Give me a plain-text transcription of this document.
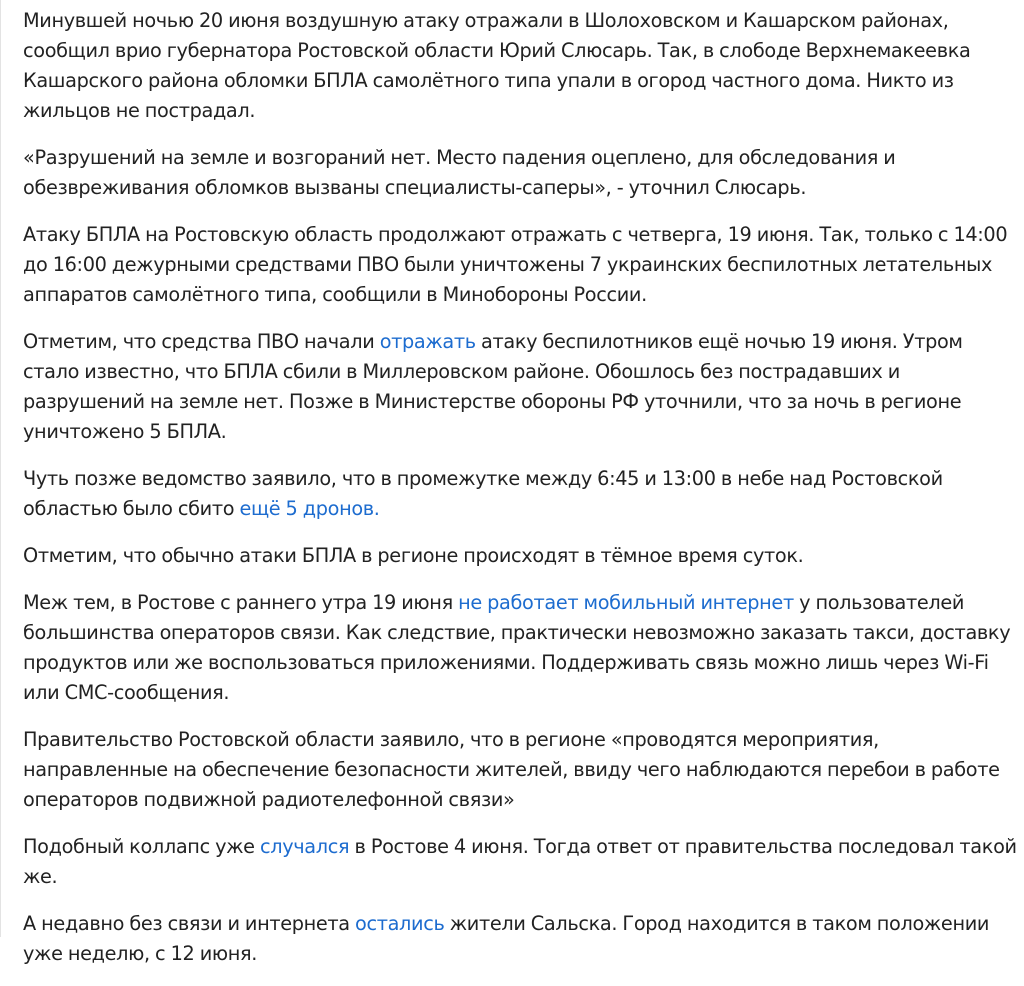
Минувшей ночью 20 июня воздушную атаку отражали в Шолоховском и Кашарском районах, сообщил врио губернатора Ростовской области Юрий Слюсарь. Так, в слободе Верхнемакеевка Кашарского района обломки БПЛА самолётного типа упали в огород частного дома. Никто из жильцов не пострадал.

«Разрушений на земле и возгораний нет. Место падения оцеплено, для обследования и обезвреживания обломков вызваны специалисты-саперы», - уточнил Слюсарь.

Атаку БПЛА на Ростовскую область продолжают отражать с четверга, 19 июня. Так, только с 14:00 до 16:00 дежурными средствами ПВО были уничтожены 7 украинских беспилотных летательных аппаратов самолётного типа, сообщили в Минобороны России.

Отметим, что средства ПВО начали отражать атаку беспилотников ещё ночью 19 июня. Утром стало известно, что БПЛА сбили в Миллеровском районе. Обошлось без пострадавших и разрушений на земле нет. Позже в Министерстве обороны РФ уточнили, что за ночь в регионе уничтожено 5 БПЛА.

Чуть позже ведомство заявило, что в промежутке между 6:45 и 13:00 в небе над Ростовской областью было сбито ещё 5 дронов.

Отметим, что обычно атаки БПЛА в регионе происходят в тёмное время суток.

Меж тем, в Ростове с раннего утра 19 июня не работает мобильный интернет у пользователей большинства операторов связи. Как следствие, практически невозможно заказать такси, доставку продуктов или же воспользоваться приложениями. Поддерживать связь можно лишь через Wi-Fi или СМС-сообщения.

Правительство Ростовской области заявило, что в регионе «проводятся мероприятия, направленные на обеспечение безопасности жителей, ввиду чего наблюдаются перебои в работе операторов подвижной радиотелефонной связи»

Подобный коллапс уже случался в Ростове 4 июня. Тогда ответ от правительства последовал такой же.

А недавно без связи и интернета остались жители Сальска. Город находится в таком положении уже неделю, с 12 июня.
